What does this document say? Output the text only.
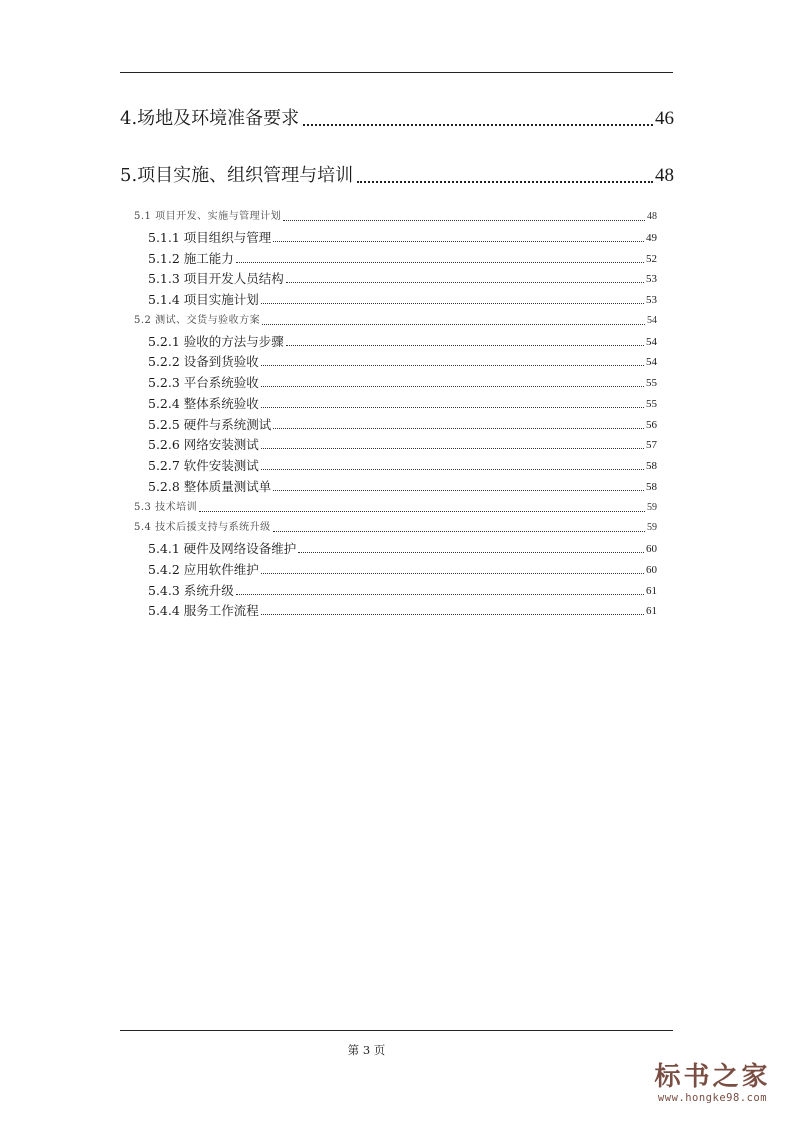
4.场地及环境准备要求	46
5.项目实施、组织管理与培训	48
5.1 项目开发、实施与管理计划	48
5.1.1 项目组织与管理	49
5.1.2 施工能力	52
5.1.3 项目开发人员结构	53
5.1.4 项目实施计划	53
5.2 测试、交货与验收方案	54
5.2.1 验收的方法与步骤	54
5.2.2 设备到货验收	54
5.2.3 平台系统验收	55
5.2.4 整体系统验收	55
5.2.5 硬件与系统测试	56
5.2.6 网络安装测试	57
5.2.7 软件安装测试	58
5.2.8 整体质量测试单	58
5.3 技术培训	59
5.4 技术后援支持与系统升级	59
5.4.1 硬件及网络设备维护	60
5.4.2 应用软件维护	60
5.4.3 系统升级	61
5.4.4 服务工作流程	61
第 3 页
标书之家
www.hongke98.com
